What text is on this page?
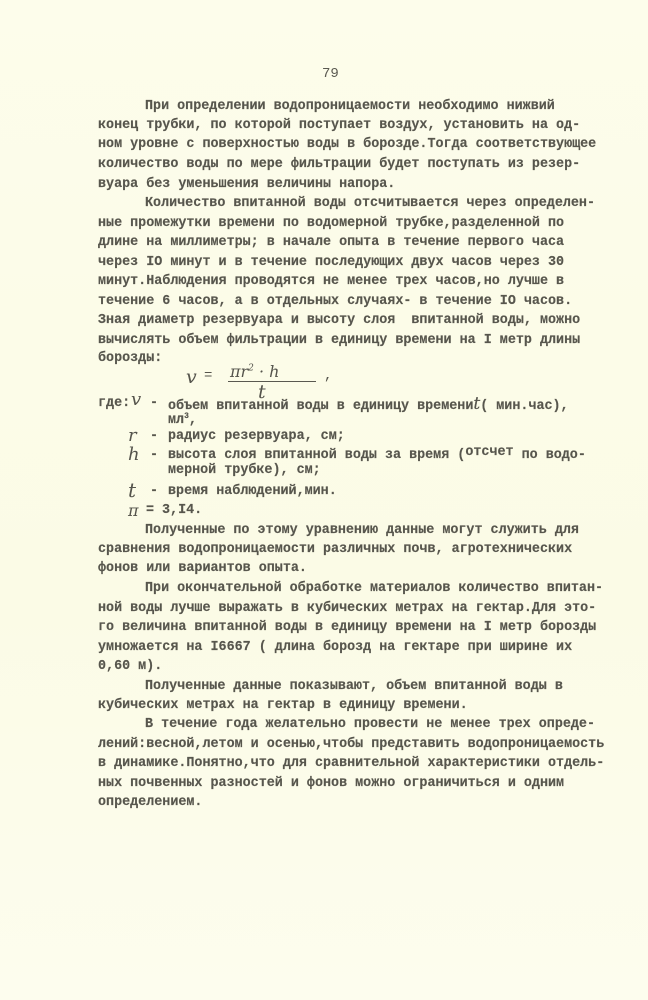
79
При определении водопроницаемости необходимо нижвий
конец трубки, по которой поступает воздух, установить на од-
ном уровне с поверхностью воды в борозде.Тогда соответствующее
количество воды по мере фильтрации будет поступать из резер-
вуара без уменьшения величины напора.
Количество впитанной воды отсчитывается через определен-
ные промежутки времени по водомерной трубке,разделенной по
длине на миллиметры; в начале опыта в течение первого часа
через IO минут и в течение последующих двух часов через 30
минут.Наблюдения проводятся не менее трех часов,но лучше в
течение 6 часов, а в отдельных случаях- в течение IO часов.
Зная диаметр резервуара и высоту слоя  впитанной воды, можно
вычислять объем фильтрации в единицу времени на I метр длины
борозды:
$v = \pi r^2 \cdot h$
t
,
где: v - объем впитанной воды в единицу времениt( мин.час),
$мл^3$,
r - радиус резервуара, см;
h - высота слоя впитанной воды за время (отсчет по водо-
мерной трубке), см;
t - время наблюдений,мин.
π = 3,I4.
Полученные по этому уравнению данные могут служить для
сравнения водопроницаемости различных почв, агротехнических
фонов или вариантов опыта.
При окончательной обработке материалов количество впитан-
ной воды лучше выражать в кубических метрах на гектар.Для это-
го величина впитанной воды в единицу времени на I метр борозды
умножается на I6667 ( длина борозд на гектаре при ширине их
0,60 м).
Полученные данные показывают, объем впитанной воды в
кубических метрах на гектар в единицу времени.
В течение года желательно провести не менее трех опреде-
лений:весной,летом и осенью,чтобы представить водопроницаемость
в динамике.Понятно,что для сравнительной характеристики отдель-
ных почвенных разностей и фонов можно ограничиться и одним
определением.
